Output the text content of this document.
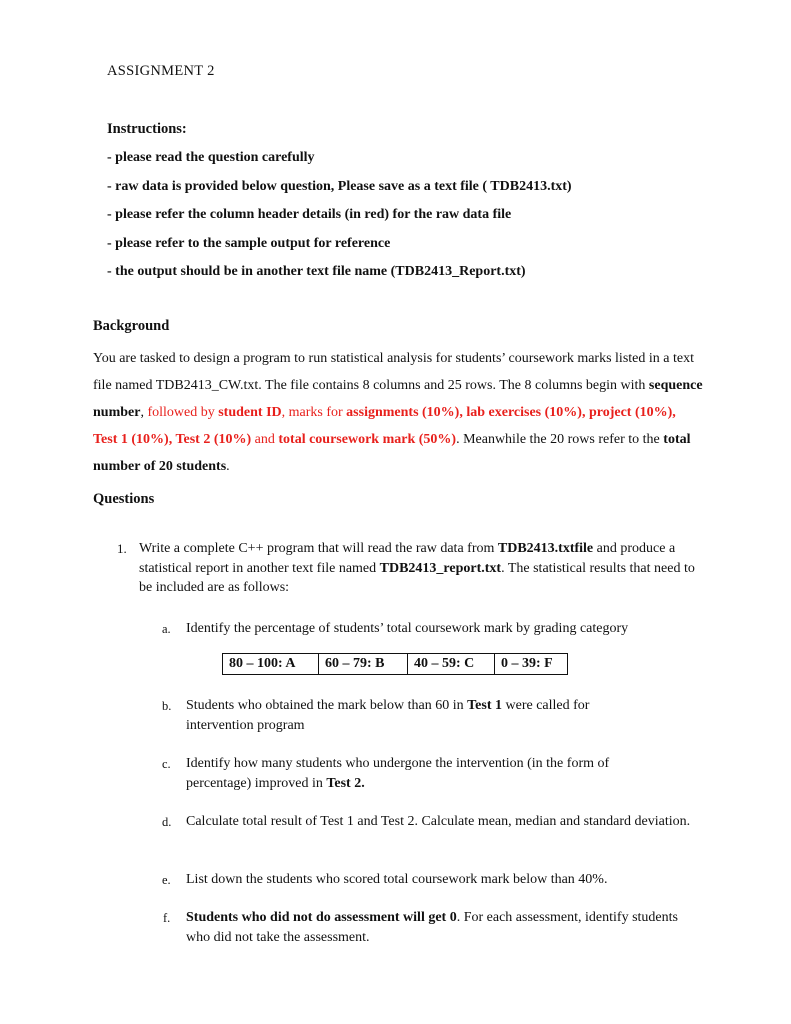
ASSIGNMENT 2
Instructions:
- please read the question carefully
- raw data is provided below question, Please save as a text file ( TDB2413.txt)
- please refer the column header details (in red) for the raw data file
- please refer to the sample output for reference
- the output should be in another text file name (TDB2413_Report.txt)
Background
You are tasked to design a program to run statistical analysis for students’ coursework marks listed in a text file named TDB2413_CW.txt. The file contains 8 columns and 25 rows. The 8 columns begin with sequence number, followed by student ID, marks for assignments (10%), lab exercises (10%), project (10%), Test 1 (10%), Test 2 (10%) and total coursework mark (50%). Meanwhile the 20 rows refer to the total number of 20 students.
Questions
1. Write a complete C++ program that will read the raw data from TDB2413.txtfile and produce a statistical report in another text file named TDB2413_report.txt. The statistical results that need to be included are as follows:
a. Identify the percentage of students’ total coursework mark by grading category
80 – 100: A	60 – 79: B	40 – 59: C	0 – 39: F
b. Students who obtained the mark below than 60 in Test 1 were called for intervention program
c. Identify how many students who undergone the intervention (in the form of percentage) improved in Test 2.
d. Calculate total result of Test 1 and Test 2. Calculate mean, median and standard deviation.
e. List down the students who scored total coursework mark below than 40%.
f. Students who did not do assessment will get 0. For each assessment, identify students who did not take the assessment.
